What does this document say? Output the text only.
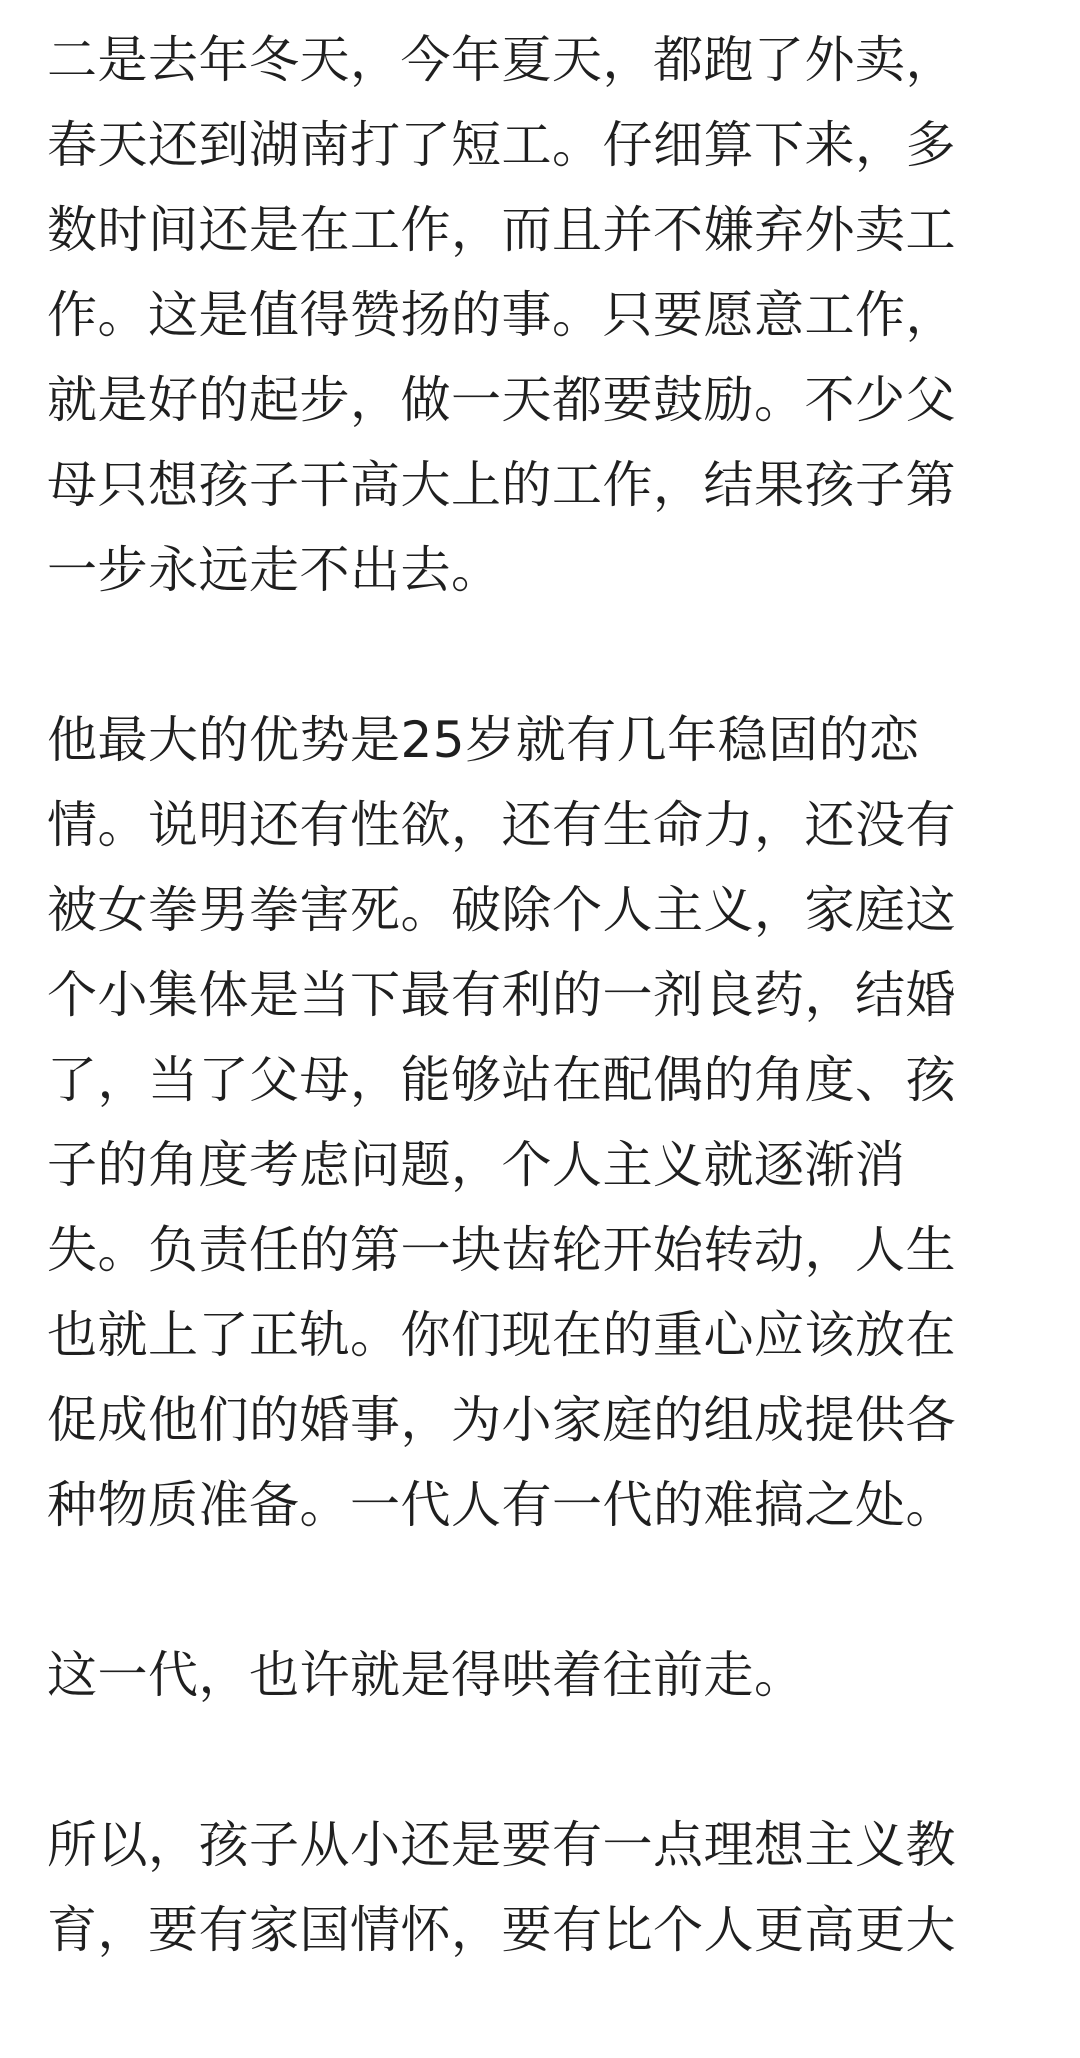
二是去年冬天，今年夏天，都跑了外卖，
春天还到湖南打了短工。仔细算下来，多
数时间还是在工作，而且并不嫌弃外卖工
作。这是值得赞扬的事。只要愿意工作，
就是好的起步，做一天都要鼓励。不少父
母只想孩子干高大上的工作，结果孩子第
一步永远走不出去。
他最大的优势是25岁就有几年稳固的恋
情。说明还有性欲，还有生命力，还没有
被女拳男拳害死。破除个人主义，家庭这
个小集体是当下最有利的一剂良药，结婚
了，当了父母，能够站在配偶的角度、孩
子的角度考虑问题，个人主义就逐渐消
失。负责任的第一块齿轮开始转动，人生
也就上了正轨。你们现在的重心应该放在
促成他们的婚事，为小家庭的组成提供各
种物质准备。一代人有一代的难搞之处。
这一代，也许就是得哄着往前走。
所以，孩子从小还是要有一点理想主义教
育，要有家国情怀，要有比个人更高更大
